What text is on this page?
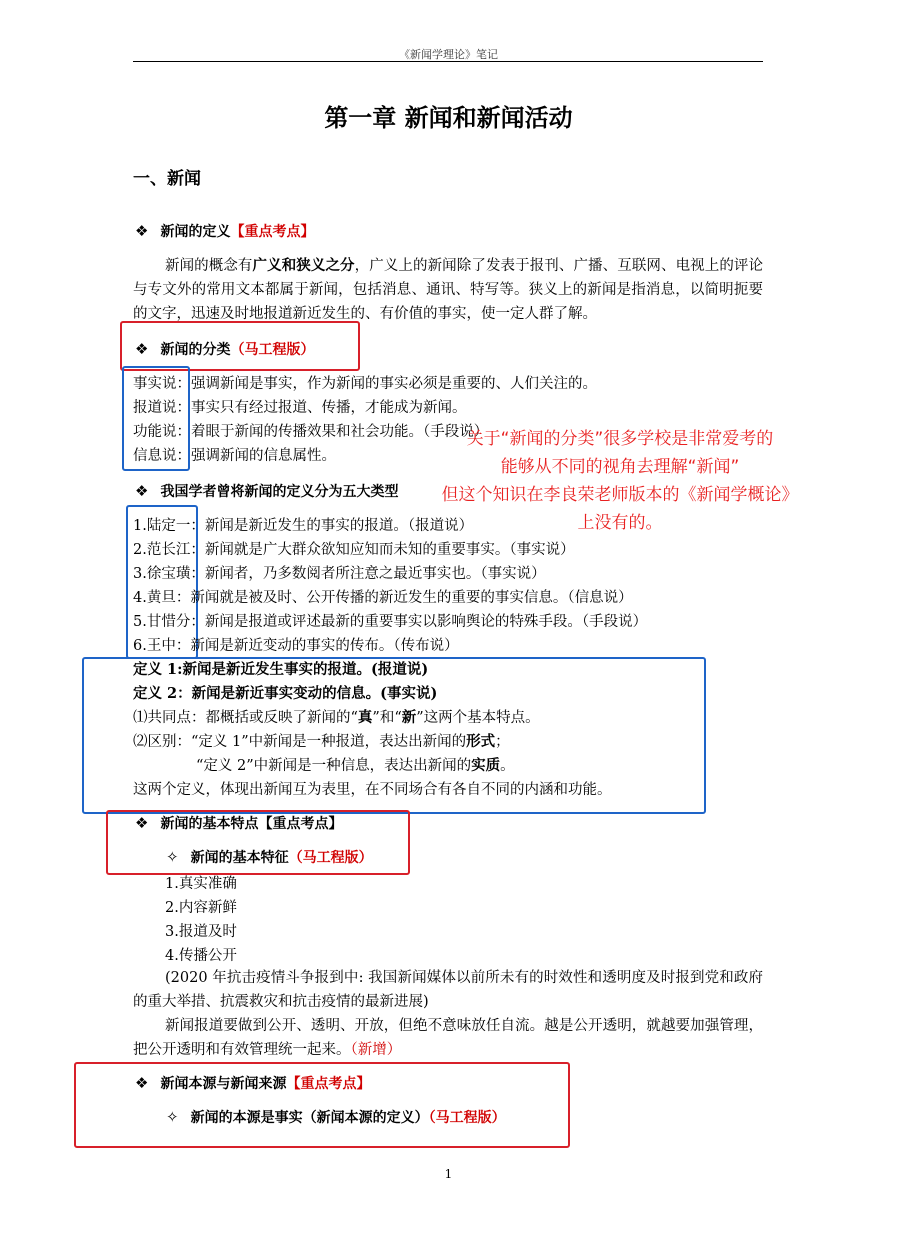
《新闻学理论》笔记
第一章 新闻和新闻活动
一、新闻
❖ 新闻的定义【重点考点】
新闻的概念有广义和狭义之分，广义上的新闻除了发表于报刊、广播、互联网、电视上的评论与专文外的常用文本都属于新闻，包括消息、通讯、特写等。狭义上的新闻是指消息，以简明扼要的文字，迅速及时地报道新近发生的、有价值的事实，使一定人群了解。
❖ 新闻的分类（马工程版）
事实说：强调新闻是事实，作为新闻的事实必须是重要的、人们关注的。
报道说：事实只有经过报道、传播，才能成为新闻。
功能说：着眼于新闻的传播效果和社会功能。（手段说）
信息说：强调新闻的信息属性。
关于“新闻的分类”很多学校是非常爱考的
能够从不同的视角去理解“新闻”
但这个知识在李良荣老师版本的《新闻学概论》
上没有的。
❖ 我国学者曾将新闻的定义分为五大类型
1.陆定一：新闻是新近发生的事实的报道。（报道说）
2.范长江：新闻就是广大群众欲知应知而未知的重要事实。（事实说）
3.徐宝璜：新闻者，乃多数阅者所注意之最近事实也。（事实说）
4.黄旦：新闻就是被及时、公开传播的新近发生的重要的事实信息。（信息说）
5.甘惜分：新闻是报道或评述最新的重要事实以影响舆论的特殊手段。（手段说）
6.王中：新闻是新近变动的事实的传布。（传布说）
定义 1:新闻是新近发生事实的报道。(报道说)
定义 2：新闻是新近事实变动的信息。(事实说)
⑴共同点：都概括或反映了新闻的“真”和“新”这两个基本特点。
⑵区别：“定义 1”中新闻是一种报道，表达出新闻的形式；
“定义 2”中新闻是一种信息，表达出新闻的实质。
这两个定义，体现出新闻互为表里，在不同场合有各自不同的内涵和功能。
❖ 新闻的基本特点【重点考点】
✧ 新闻的基本特征（马工程版）
1.真实准确
2.内容新鲜
3.报道及时
4.传播公开
(2020 年抗击疫情斗争报到中: 我国新闻媒体以前所未有的时效性和透明度及时报到党和政府的重大举措、抗震救灾和抗击疫情的最新进展)
新闻报道要做到公开、透明、开放，但绝不意味放任自流。越是公开透明，就越要加强管理，把公开透明和有效管理统一起来。（新增）
❖ 新闻本源与新闻来源【重点考点】
✧ 新闻的本源是事实（新闻本源的定义）（马工程版）
1
